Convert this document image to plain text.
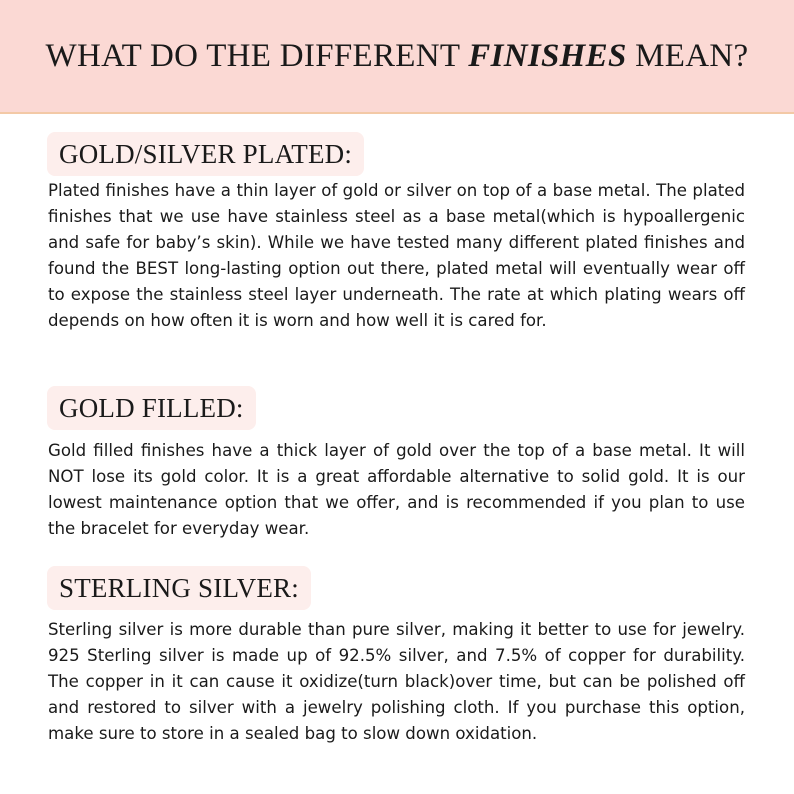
WHAT DO THE DIFFERENT FINISHES MEAN?
GOLD/SILVER PLATED:

Plated finishes have a thin layer of gold or silver on top of a base metal. The plated finishes that we use have stainless steel as a base metal(which is hypoallergenic and safe for baby’s skin). While we have tested many different plated finishes and found the BEST long-lasting option out there, plated metal will eventually wear off to expose the stainless steel layer underneath. The rate at which plating wears off depends on how often it is worn and how well it is cared for.

GOLD FILLED:

Gold filled finishes have a thick layer of gold over the top of a base metal. It will NOT lose its gold color. It is a great affordable alternative to solid gold. It is our lowest maintenance option that we offer, and is recommended if you plan to use the bracelet for everyday wear.

STERLING SILVER:

Sterling silver is more durable than pure silver, making it better to use for jewelry. 925 Sterling silver is made up of 92.5% silver, and 7.5% of copper for durability. The copper in it can cause it oxidize(turn black)over time, but can be polished off and restored to silver with a jewelry polishing cloth. If you purchase this option, make sure to store in a sealed bag to slow down oxidation.
